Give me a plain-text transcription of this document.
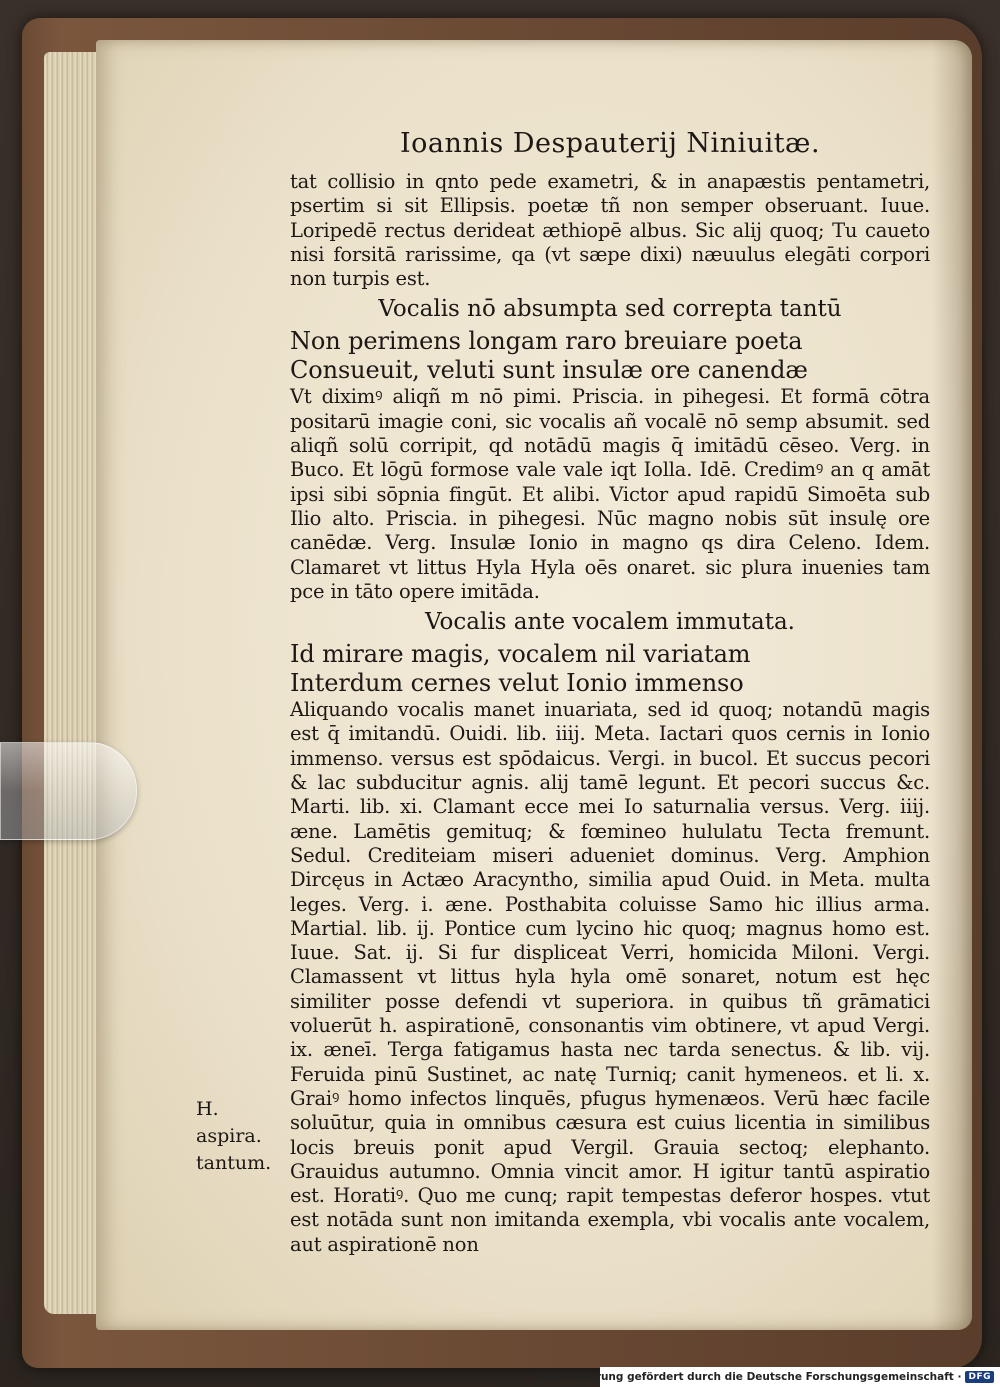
Ioannis Despauterij Niniuitæ.

tat collisio in qnto pede exametri, & in anapæstis pentametri, psertim si sit Ellipsis. poetæ tñ non semper obseruant. Iuue. Loripedē rectus derideat æthiopē albus. Sic alij quoq; Tu caueto nisi forsitā rarissime, qa (vt sæpe dixi) næuulus elegāti corpori non turpis est.

Vocalis nō absumpta sed correpta tantū

Non perimens longam raro breuiare poeta

Consueuit, veluti sunt insulæ ore canendæ

Vt diximꝰ aliqñ m nō pimi. Priscia. in pihegesi. Et formā cōtra positarū imagie coni, sic vocalis añ vocalē nō semp absumit. sed aliqñ solū corripit, qd notādū magis q̄ imitādū cēseo. Verg. in Buco. Et lōgū formose vale vale iqt Iolla. Idē. Credimꝰ an q amāt ipsi sibi sōpnia fingūt. Et alibi. Victor apud rapidū Simoēta sub Ilio alto. Priscia. in pihegesi. Nūc magno nobis sūt insulę ore canēdæ. Verg. Insulæ Ionio in magno qs dira Celeno. Idem. Clamaret vt littus Hyla Hyla oēs onaret. sic plura inuenies tam pce in tāto opere imitāda.

Vocalis ante vocalem immutata.

Id mirare magis, vocalem nil variatam

Interdum cernes velut Ionio immenso

Aliquando vocalis manet inuariata, sed id quoq; notandū magis est q̄ imitandū. Ouidi. lib. iiij. Meta. Iactari quos cernis in Ionio immenso. versus est spōdaicus. Vergi. in bucol. Et succus pecori & lac subducitur agnis. alij tamē legunt. Et pecori succus &c. Marti. lib. xi. Clamant ecce mei Io saturnalia versus. Verg. iiij. æne. Lamētis gemituq; & fœmineo hululatu Tecta fremunt. Sedul. Crediteiam miseri adueniet dominus. Verg. Amphion Dircęus in Actæo Aracyntho, similia apud Ouid. in Meta. multa leges. Verg. i. æne. Posthabita coluisse Samo hic illius arma. Martial. lib. ij. Pontice cum lycino hic quoq; magnus homo est. Iuue. Sat. ij. Si fur displiceat Verri, homicida Miloni. Vergi. Clamassent vt littus hyla hyla omē sonaret, notum est hęc similiter posse defendi vt superiora. in quibus tñ grāmatici voluerūt h. aspirationē, consonantis vim obtinere, vt apud Vergi. ix. æneī. Terga fatigamus hasta nec tarda senectus. & lib. vij. Feruida pinū Sustinet, ac natę Turniq; canit hymeneos. et li. x. Graiꝰ homo infectos linquēs, pfugus hymenæos. Verū hæc facile soluūtur, quia in omnibus cæsura est cuius licentia in similibus locis breuis ponit apud Vergil. Grauia sectoq; elephanto. Grauidus autumno. Omnia vincit amor. H igitur tantū aspiratio est. Horatiꝰ. Quo me cunq; rapit tempestas deferor hospes. vtut est notāda sunt non imitanda exempla, vbi vocalis ante vocalem, aut aspirationē non

H. aspira.
tantum.
Digitalisierung gefördert durch die Deutsche Forschungsgemeinschaft · DFG
